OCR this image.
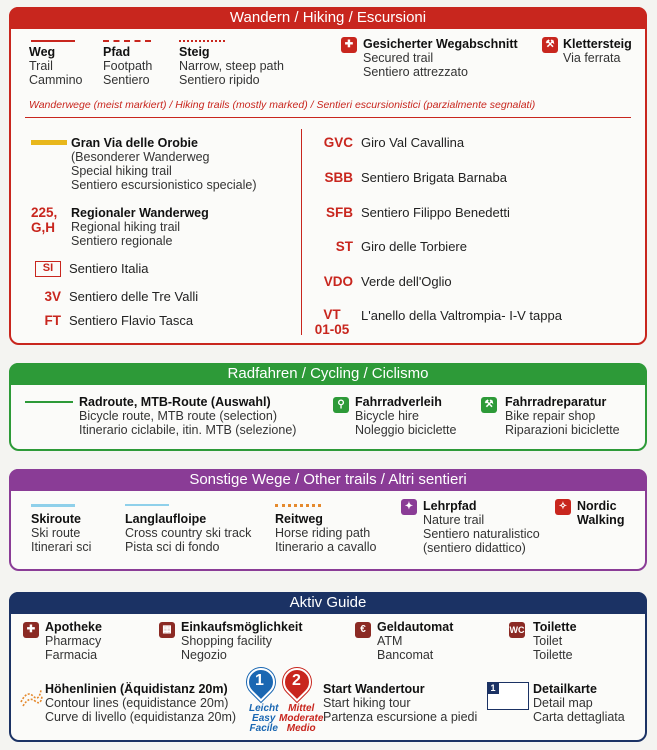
Wandern / Hiking / Escursioni
Weg
Trail
Cammino
Pfad
Footpath
Sentiero
Steig
Narrow, steep path
Sentiero ripido
✚ Gesicherter Wegabschnitt
Secured trail
Sentiero attrezzato
⚒ Klettersteig
Via ferrata
Wanderwege (meist markiert) / Hiking trails (mostly marked) / Sentieri escursionistici (parzialmente segnalati)
Gran Via delle Orobie
(Besonderer Wanderweg
Special hiking trail
Sentiero escursionistico speciale)
225,
G,H
Regionaler Wanderweg
Regional hiking trail
Sentiero regionale
SI	Sentiero Italia
3V Sentiero delle Tre Valli
FT Sentiero Flavio Tasca
GVC Giro Val Cavallina
SBB Sentiero Brigata Barnaba
SFB Sentiero Filippo Benedetti
ST Giro delle Torbiere
VDO Verde dell'Oglio
VT
01-05
L'anello della Valtrompia- I-V tappa
Radfahren / Cycling / Ciclismo
Radroute, MTB-Route (Auswahl)
Bicycle route, MTB route (selection)
Itinerario ciclabile, itin. MTB (selezione)
⚲ Fahrradverleih
Bicycle hire
Noleggio biciclette
⚒ Fahrradreparatur
Bike repair shop
Riparazioni biciclette
Sonstige Wege / Other trails / Altri sentieri
Skiroute
Ski route
Itinerari sci
Langlaufloipe
Cross country ski track
Pista sci di fondo
Reitweg
Horse riding path
Itinerario a cavallo
✦ Lehrpfad
Nature trail
Sentiero naturalistico
(sentiero didattico)
✧ Nordic
Walking
Aktiv Guide
✚ Apotheke
Pharmacy
Farmacia
▦ Einkaufsmöglichkeit
Shopping facility
Negozio
€ Geldautomat
ATM
Bancomat
WC Toilette
Toilet
Toilette
Höhenlinien (Äquidistanz 20m)
Contour lines (equidistance 20m)
Curve di livello (equidistanza 20m)
1
Leicht
Easy
Facile
2
Mittel
Moderate
Medio
Start Wandertour
Start hiking tour
Partenza escursione a piedi
1	Detailkarte
Detail map
Carta dettagliata
